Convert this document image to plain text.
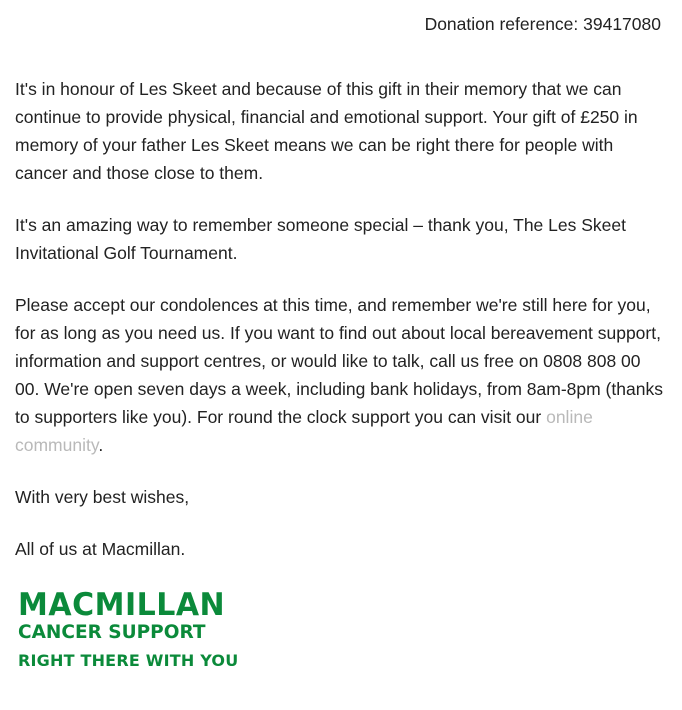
Donation reference: 39417080

It's in honour of Les Skeet and because of this gift in their memory that we can continue to provide physical, financial and emotional support. Your gift of £250 in memory of your father Les Skeet means we can be right there for people with cancer and those close to them.

It's an amazing way to remember someone special – thank you, The Les Skeet Invitational Golf Tournament.

Please accept our condolences at this time, and remember we're still here for you, for as long as you need us. If you want to find out about local bereavement support, information and support centres, or would like to talk, call us free on 0808 808 00 00. We're open seven days a week, including bank holidays, from 8am-8pm (thanks to supporters like you). For round the clock support you can visit our online community.

With very best wishes,

All of us at Macmillan.

MACMILLAN
CANCER SUPPORT
RIGHT THERE WITH YOU
